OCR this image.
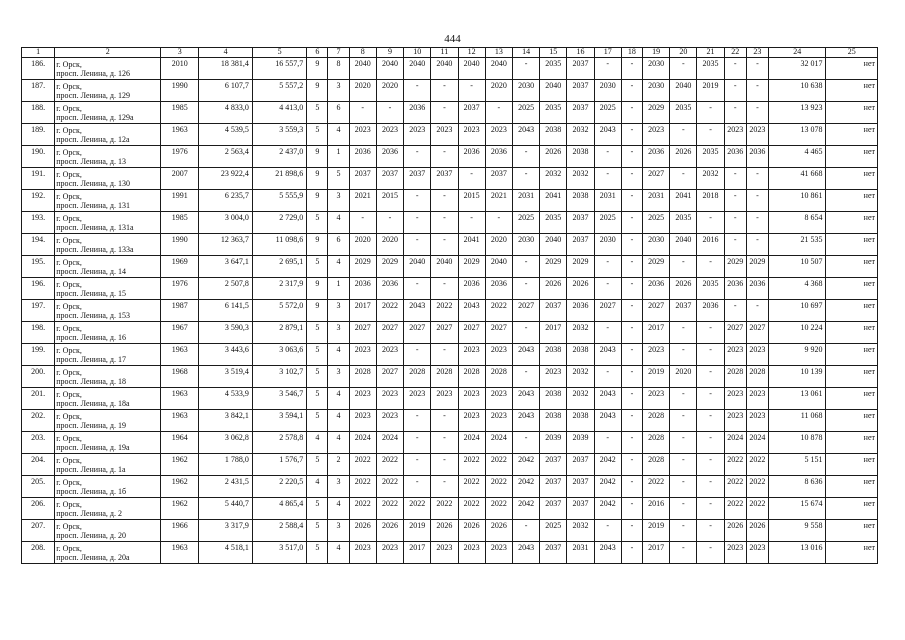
444
1	2	3	4	5	6	7	8	9	10	11	12	13	14	15	16	17	18	19	20	21	22	23	24	25
186.	г. Орск,
просп. Ленина, д. 126	2010	18 381,4	16 557,7	9	8	2040	2040	2040	2040	2040	2040	-	2035	2037	-	-	2030	-	2035	-	-	32 017	нет
187.	г. Орск,
просп. Ленина, д. 129	1990	6 107,7	5 557,2	9	3	2020	2020	-	-	-	2020	2030	2040	2037	2030	-	2030	2040	2019	-	-	10 638	нет
188.	г. Орск,
просп. Ленина, д. 129а	1985	4 833,0	4 413,0	5	6	-	-	2036	-	2037	-	2025	2035	2037	2025	-	2029	2035	-	-	-	13 923	нет
189.	г. Орск,
просп. Ленина, д. 12а	1963	4 539,5	3 559,3	5	4	2023	2023	2023	2023	2023	2023	2043	2038	2032	2043	-	2023	-	-	2023	2023	13 078	нет
190.	г. Орск,
просп. Ленина, д. 13	1976	2 563,4	2 437,0	9	1	2036	2036	-	-	2036	2036	-	2026	2038	-	-	2036	2026	2035	2036	2036	4 465	нет
191.	г. Орск,
просп. Ленина, д. 130	2007	23 922,4	21 898,6	9	5	2037	2037	2037	2037	-	2037	-	2032	2032	-	-	2027	-	2032	-	-	41 668	нет
192.	г. Орск,
просп. Ленина, д. 131	1991	6 235,7	5 555,9	9	3	2021	2015	-	-	2015	2021	2031	2041	2038	2031	-	2031	2041	2018	-	-	10 861	нет
193.	г. Орск,
просп. Ленина, д. 131а	1985	3 004,0	2 729,0	5	4	-	-	-	-	-	-	2025	2035	2037	2025	-	2025	2035	-	-	-	8 654	нет
194.	г. Орск,
просп. Ленина, д. 133а	1990	12 363,7	11 098,6	9	6	2020	2020	-	-	2041	2020	2030	2040	2037	2030	-	2030	2040	2016	-	-	21 535	нет
195.	г. Орск,
просп. Ленина, д. 14	1969	3 647,1	2 695,1	5	4	2029	2029	2040	2040	2029	2040	-	2029	2029	-	-	2029	-	-	2029	2029	10 507	нет
196.	г. Орск,
просп. Ленина, д. 15	1976	2 507,8	2 317,9	9	1	2036	2036	-	-	2036	2036	-	2026	2026	-	-	2036	2026	2035	2036	2036	4 368	нет
197.	г. Орск,
просп. Ленина, д. 153	1987	6 141,5	5 572,0	9	3	2017	2022	2043	2022	2043	2022	2027	2037	2036	2027	-	2027	2037	2036	-	-	10 697	нет
198.	г. Орск,
просп. Ленина, д. 16	1967	3 590,3	2 879,1	5	3	2027	2027	2027	2027	2027	2027	-	2017	2032	-	-	2017	-	-	2027	2027	10 224	нет
199.	г. Орск,
просп. Ленина, д. 17	1963	3 443,6	3 063,6	5	4	2023	2023	-	-	2023	2023	2043	2038	2038	2043	-	2023	-	-	2023	2023	9 920	нет
200.	г. Орск,
просп. Ленина, д. 18	1968	3 519,4	3 102,7	5	3	2028	2027	2028	2028	2028	2028	-	2023	2032	-	-	2019	2020	-	2028	2028	10 139	нет
201.	г. Орск,
просп. Ленина, д. 18а	1963	4 533,9	3 546,7	5	4	2023	2023	2023	2023	2023	2023	2043	2038	2032	2043	-	2023	-	-	2023	2023	13 061	нет
202.	г. Орск,
просп. Ленина, д. 19	1963	3 842,1	3 594,1	5	4	2023	2023	-	-	2023	2023	2043	2038	2038	2043	-	2028	-	-	2023	2023	11 068	нет
203.	г. Орск,
просп. Ленина, д. 19а	1964	3 062,8	2 578,8	4	4	2024	2024	-	-	2024	2024	-	2039	2039	-	-	2028	-	-	2024	2024	10 878	нет
204.	г. Орск,
просп. Ленина, д. 1а	1962	1 788,0	1 576,7	5	2	2022	2022	-	-	2022	2022	2042	2037	2037	2042	-	2028	-	-	2022	2022	5 151	нет
205.	г. Орск,
просп. Ленина, д. 1б	1962	2 431,5	2 220,5	4	3	2022	2022	-	-	2022	2022	2042	2037	2037	2042	-	2022	-	-	2022	2022	8 636	нет
206.	г. Орск,
просп. Ленина, д. 2	1962	5 440,7	4 865,4	5	4	2022	2022	2022	2022	2022	2022	2042	2037	2037	2042	-	2016	-	-	2022	2022	15 674	нет
207.	г. Орск,
просп. Ленина, д. 20	1966	3 317,9	2 588,4	5	3	2026	2026	2019	2026	2026	2026	-	2025	2032	-	-	2019	-	-	2026	2026	9 558	нет
208.	г. Орск,
просп. Ленина, д. 20а	1963	4 518,1	3 517,0	5	4	2023	2023	2017	2023	2023	2023	2043	2037	2031	2043	-	2017	-	-	2023	2023	13 016	нет
